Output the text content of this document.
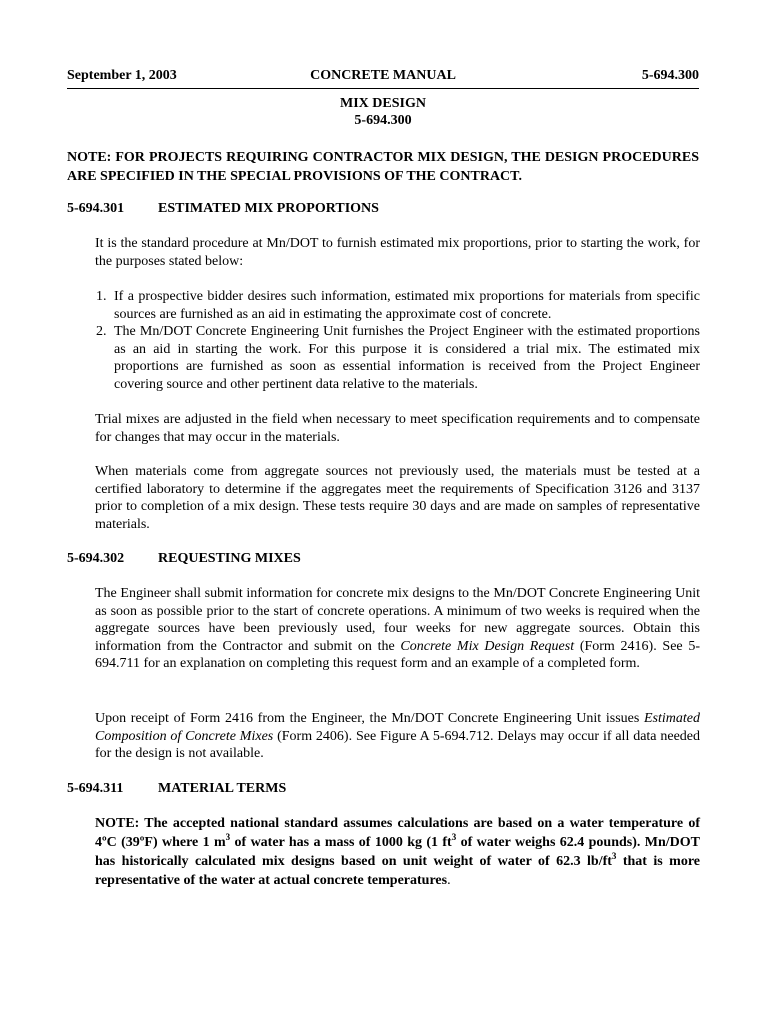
September 1, 2003	CONCRETE MANUAL	5-694.300
MIX DESIGN
5-694.300
NOTE: FOR PROJECTS REQUIRING CONTRACTOR MIX DESIGN, THE DESIGN PROCEDURES ARE SPECIFIED IN THE SPECIAL PROVISIONS OF THE CONTRACT.
5-694.301 ESTIMATED MIX PROPORTIONS
It is the standard procedure at Mn/DOT to furnish estimated mix proportions, prior to starting the work, for the purposes stated below:
1. If a prospective bidder desires such information, estimated mix proportions for materials from specific sources are furnished as an aid in estimating the approximate cost of concrete.
2. The Mn/DOT Concrete Engineering Unit furnishes the Project Engineer with the estimated proportions as an aid in starting the work. For this purpose it is considered a trial mix. The estimated mix proportions are furnished as soon as essential information is received from the Project Engineer covering source and other pertinent data relative to the materials.
Trial mixes are adjusted in the field when necessary to meet specification requirements and to compensate for changes that may occur in the materials.
When materials come from aggregate sources not previously used, the materials must be tested at a certified laboratory to determine if the aggregates meet the requirements of Specification 3126 and 3137 prior to completion of a mix design. These tests require 30 days and are made on samples of representative materials.
5-694.302 REQUESTING MIXES
The Engineer shall submit information for concrete mix designs to the Mn/DOT Concrete Engineering Unit as soon as possible prior to the start of concrete operations. A minimum of two weeks is required when the aggregate sources have been previously used, four weeks for new aggregate sources. Obtain this information from the Contractor and submit on the Concrete Mix Design Request (Form 2416). See 5-694.711 for an explanation on completing this request form and an example of a completed form.
Upon receipt of Form 2416 from the Engineer, the Mn/DOT Concrete Engineering Unit issues Estimated Composition of Concrete Mixes (Form 2406). See Figure A 5-694.712. Delays may occur if all data needed for the design is not available.
5-694.311 MATERIAL TERMS
NOTE: The accepted national standard assumes calculations are based on a water temperature of 4ºC (39ºF) where 1 $m^3$ of water has a mass of 1000 kg (1 $ft^3$ of water weighs 62.4 pounds). Mn/DOT has historically calculated mix designs based on unit weight of water of 62.3 $lb/ft^3$ that is more representative of the water at actual concrete temperatures.
